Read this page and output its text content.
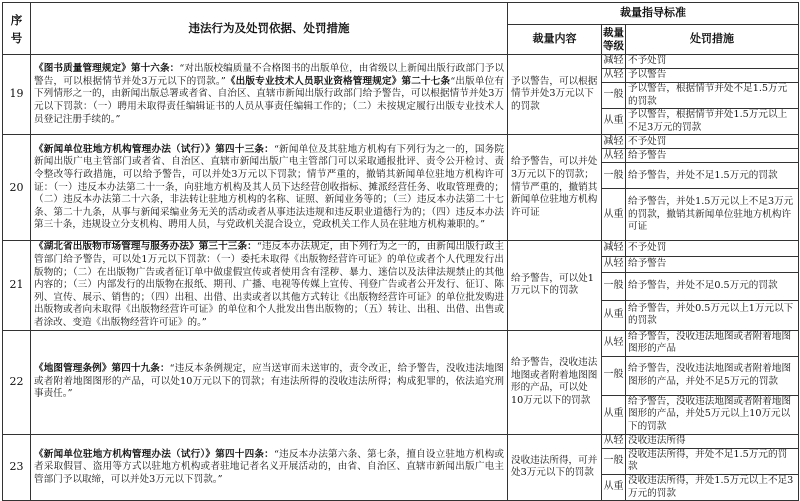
序号	违法行为及处罚依据、处罚措施	裁量指导标准		
		裁量内容	裁量等级	处罚措施
19	《图书质量管理规定》第十六条：“对出版校编质量不合格图书的出版单位，由省级以上新闻出版行政部门予以警告，可以根据情节并处3万元以下的罚款。”《出版专业技术人员职业资格管理规定》第二十七条“出版单位有下列情形之一的，由新闻出版总署或者省、自治区、直辖市新闻出版行政部门给予警告，可以根据情节并处3万元以下罚款：（一）聘用未取得责任编辑证书的人员从事责任编辑工作的；（二）未按规定履行出版专业技术人员登记注册手续的。”	予以警告，可以根据情节并处3万元以下的罚款	减轻	不予处罚
			从轻	予以警告
			一般	予以警告，根据情节并处不足1.5万元的罚款
			从重	予以警告，根据情节并处1.5万元以上不足3万元的罚款
20	《新闻单位驻地方机构管理办法（试行）》第四十三条：“新闻单位及其驻地方机构有下列行为之一的，国务院新闻出版广电主管部门或者省、自治区、直辖市新闻出版广电主管部门可以采取通报批评、责令公开检讨、责令整改等行政措施，可以给予警告，可以并处3万元以下罚款；情节严重的，撤销其新闻单位驻地方机构许可证：（一）违反本办法第二十一条，向驻地方机构及其人员下达经营创收指标、摊派经营任务、收取管理费的；（二）违反本办法第二十六条，非法转让驻地方机构的名称、证照、新闻业务等的；（三）违反本办法第二十七条、第二十九条，从事与新闻采编业务无关的活动或者从事违法违规和违反职业道德行为的；（四）违反本办法第三十条，违规设立分支机构、聘用人员，与党政机关混合设立，党政机关工作人员在驻地方机构兼职的。”	给予警告，可以并处3万元以下的罚款；情节严重的，撤销其新闻单位驻地方机构许可证	减轻	不予处罚
			从轻	给予警告
			一般	给予警告，并处不足1.5万元的罚款
			从重	给予警告，并处1.5万元以上不足3万元的罚款，撤销其新闻单位驻地方机构许可证
21	《湖北省出版物市场管理与服务办法》第三十三条：“违反本办法规定，由下列行为之一的，由新闻出版行政主管部门给予警告，可以处1万元以下罚款：（一）委托未取得《出版物经营许可证》的单位或者个人代理发行出版物的；（二）在出版物广告或者征订单中做虚假宣传或者使用含有淫秽、暴力、迷信以及法律法规禁止的其他内容的；（三）内部发行的出版物在报纸、期刊、广播、电视等传媒上宣传、刊登广告或者公开发行、征订、陈列、宣传、展示、销售的；（四）出租、出借、出卖或者以其他方式转让《出版物经营许可证》的单位批发购进出版物或者向未取得《出版物经营许可证》的单位和个人批发出售出版物的；（五）转让、出租、出借、出售或者涂改、变造《出版物经营许可证》的。”	给予警告，可以处1万元以下的罚款	减轻	不予处罚
			从轻	给予警告
			一般	给予警告，并处不足0.5万元的罚款
			从重	给予警告，并处0.5万元以上1万元以下的罚款
22	《地图管理条例》第四十九条：“违反本条例规定，应当送审而未送审的，责令改正，给予警告，没收违法地图或者附着地图图形的产品，可以处10万元以下的罚款；有违法所得的没收违法所得；构成犯罪的，依法追究刑事责任。”	给予警告，没收违法地图或者附着地图图形的产品，可以处10万元以下的罚款	从轻	给予警告，没收违法地图或者附着地图图形的产品
			一般	给予警告，没收违法地图或者附着地图图形的产品，并处不足5万元的罚款
			从重	给予警告，没收违法地图或者附着地图图形的产品，并处5万元以上10万元以下的罚款
23	《新闻单位驻地方机构管理办法（试行）》第四十四条：“违反本办法第六条、第七条，擅自设立驻地方机构或者采取假冒、盗用等方式以驻地方机构或者驻地记者名义开展活动的，由省、自治区、直辖市新闻出版广电主管部门予以取缔，可以并处3万元以下罚款。”	没收违法所得，可并处3万元以下的罚款	从轻	没收违法所得
			一般	没收违法所得，并处不足1.5万元的罚款
			从重	没收违法所得，并处1.5万元以上不足3万元的罚款
